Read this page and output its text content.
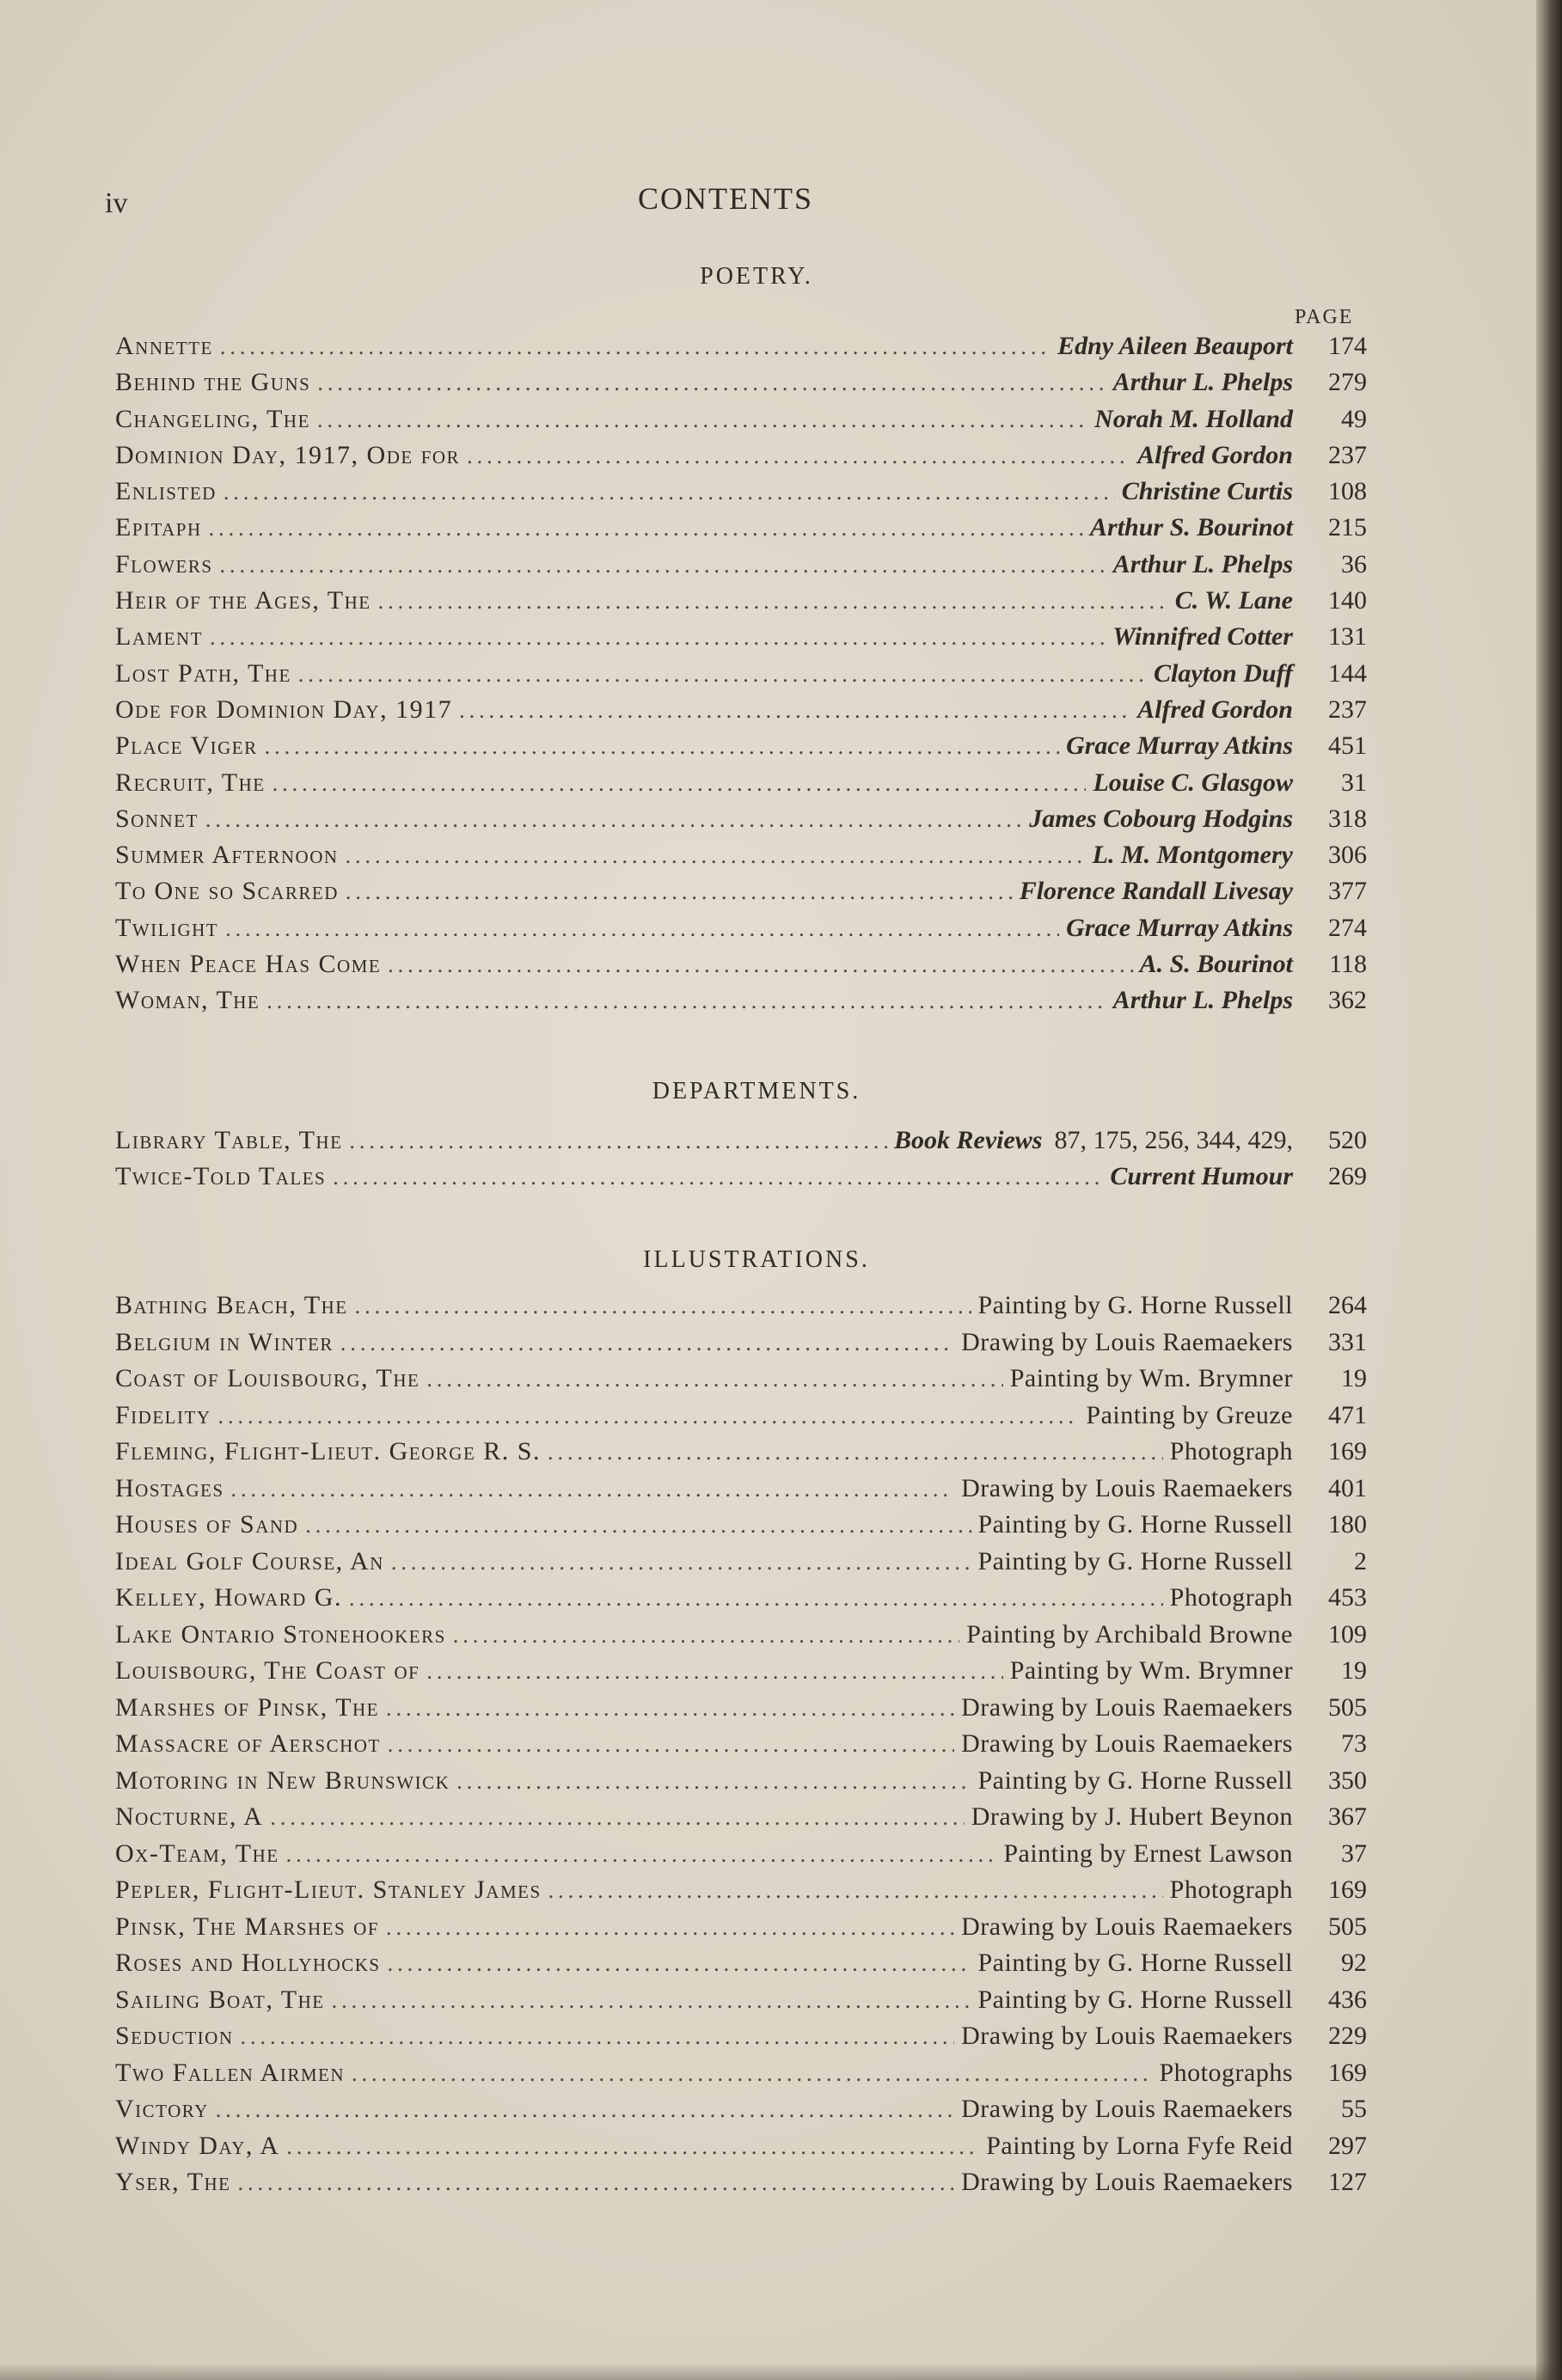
iv	CONTENTS
POETRY.
PAGE
Annette .....	Edny Aileen Beauport	174
Behind the Guns .....	Arthur L. Phelps	279
Changeling, The .....	Norah M. Holland	49
Dominion Day, 1917, Ode for .....	Alfred Gordon	237
Enlisted .....	Christine Curtis	108
Epitaph .....	Arthur S. Bourinot	215
Flowers .....	Arthur L. Phelps	36
Heir of the Ages, The .....	C. W. Lane	140
Lament .....	Winnifred Cotter	131
Lost Path, The .....	Clayton Duff	144
Ode for Dominion Day, 1917 .....	Alfred Gordon	237
Place Viger .....	Grace Murray Atkins	451
Recruit, The .....	Louise C. Glasgow	31
Sonnet .....	James Cobourg Hodgins	318
Summer Afternoon .....	L. M. Montgomery	306
To One so Scarred .....	Florence Randall Livesay	377
Twilight .....	Grace Murray Atkins	274
When Peace Has Come .....	A. S. Bourinot	118
Woman, The .....	Arthur L. Phelps	362
DEPARTMENTS.
Library Table, The .....	Book Reviews 87, 175, 256, 344, 429,	520
Twice-Told Tales .....	Current Humour	269
ILLUSTRATIONS.
Bathing Beach, The .....	Painting by G. Horne Russell	264
Belgium in Winter .....	Drawing by Louis Raemaekers	331
Coast of Louisbourg, The .....	Painting by Wm. Brymner	19
Fidelity .....	Painting by Greuze	471
Fleming, Flight-Lieut. George R. S. .....	Photograph	169
Hostages .....	Drawing by Louis Raemaekers	401
Houses of Sand .....	Painting by G. Horne Russell	180
Ideal Golf Course, An .....	Painting by G. Horne Russell	2
Kelley, Howard G. .....	Photograph	453
Lake Ontario Stonehookers .....	Painting by Archibald Browne	109
Louisbourg, The Coast of .....	Painting by Wm. Brymner	19
Marshes of Pinsk, The .....	Drawing by Louis Raemaekers	505
Massacre of Aerschot .....	Drawing by Louis Raemaekers	73
Motoring in New Brunswick .....	Painting by G. Horne Russell	350
Nocturne, A .....	Drawing by J. Hubert Beynon	367
Ox-Team, The .....	Painting by Ernest Lawson	37
Pepler, Flight-Lieut. Stanley James .....	Photograph	169
Pinsk, The Marshes of .....	Drawing by Louis Raemaekers	505
Roses and Hollyhocks .....	Painting by G. Horne Russell	92
Sailing Boat, The .....	Painting by G. Horne Russell	436
Seduction .....	Drawing by Louis Raemaekers	229
Two Fallen Airmen .....	Photographs	169
Victory .....	Drawing by Louis Raemaekers	55
Windy Day, A .....	Painting by Lorna Fyfe Reid	297
Yser, The .....	Drawing by Louis Raemaekers	127
